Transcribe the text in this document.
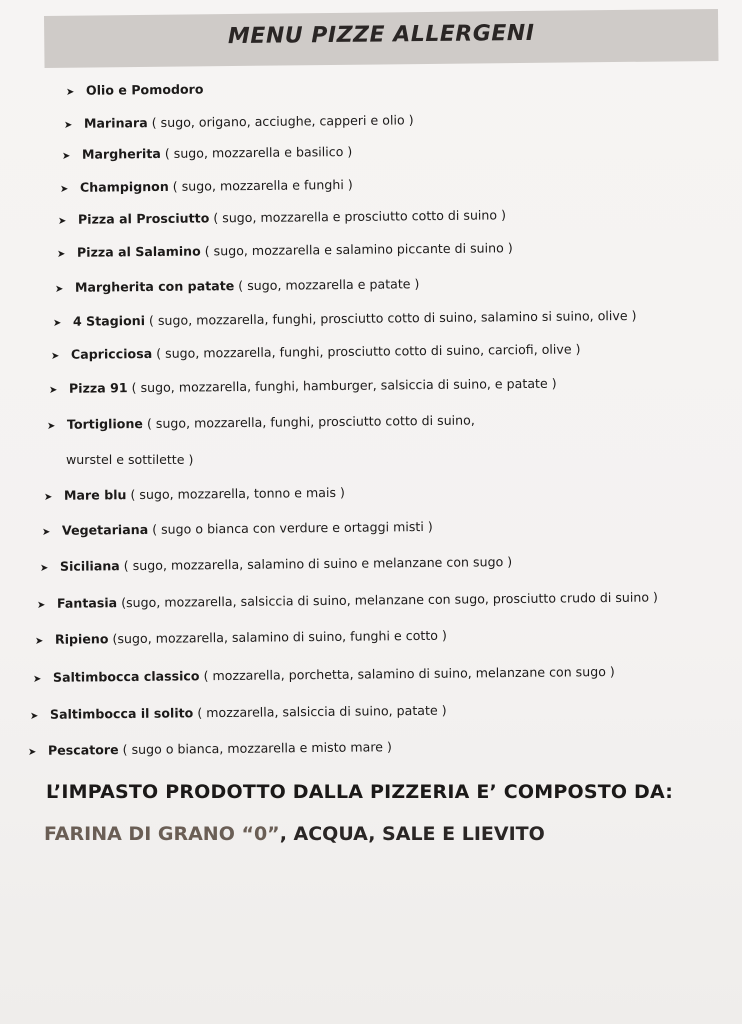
MENU PIZZE ALLERGENI
➤ Olio e Pomodoro
➤ Marinara ( sugo, origano, acciughe, capperi e olio )
➤ Margherita ( sugo, mozzarella e basilico )
➤ Champignon ( sugo, mozzarella e funghi )
➤ Pizza al Prosciutto ( sugo, mozzarella e prosciutto cotto di suino )
➤ Pizza al Salamino ( sugo, mozzarella e salamino piccante di suino )
➤ Margherita con patate ( sugo, mozzarella e patate )
➤ 4 Stagioni ( sugo, mozzarella, funghi, prosciutto cotto di suino, salamino si suino, olive )
➤ Capricciosa ( sugo, mozzarella, funghi, prosciutto cotto di suino, carciofi, olive )
➤ Pizza 91 ( sugo, mozzarella, funghi, hamburger, salsiccia di suino, e patate )
➤ Tortiglione ( sugo, mozzarella, funghi, prosciutto cotto di suino,
wurstel e sottilette )
➤ Mare blu ( sugo, mozzarella, tonno e mais )
➤ Vegetariana ( sugo o bianca con verdure e ortaggi misti )
➤ Siciliana ( sugo, mozzarella, salamino di suino e melanzane con sugo )
➤ Fantasia (sugo, mozzarella, salsiccia di suino, melanzane con sugo, prosciutto crudo di suino )
➤ Ripieno (sugo, mozzarella, salamino di suino, funghi e cotto )
➤ Saltimbocca classico ( mozzarella, porchetta, salamino di suino, melanzane con sugo )
➤ Saltimbocca il solito ( mozzarella, salsiccia di suino, patate )
➤ Pescatore ( sugo o bianca, mozzarella e misto mare )
L’IMPASTO PRODOTTO DALLA PIZZERIA E’ COMPOSTO DA:
FARINA DI GRANO “0”, ACQUA, SALE E LIEVITO
